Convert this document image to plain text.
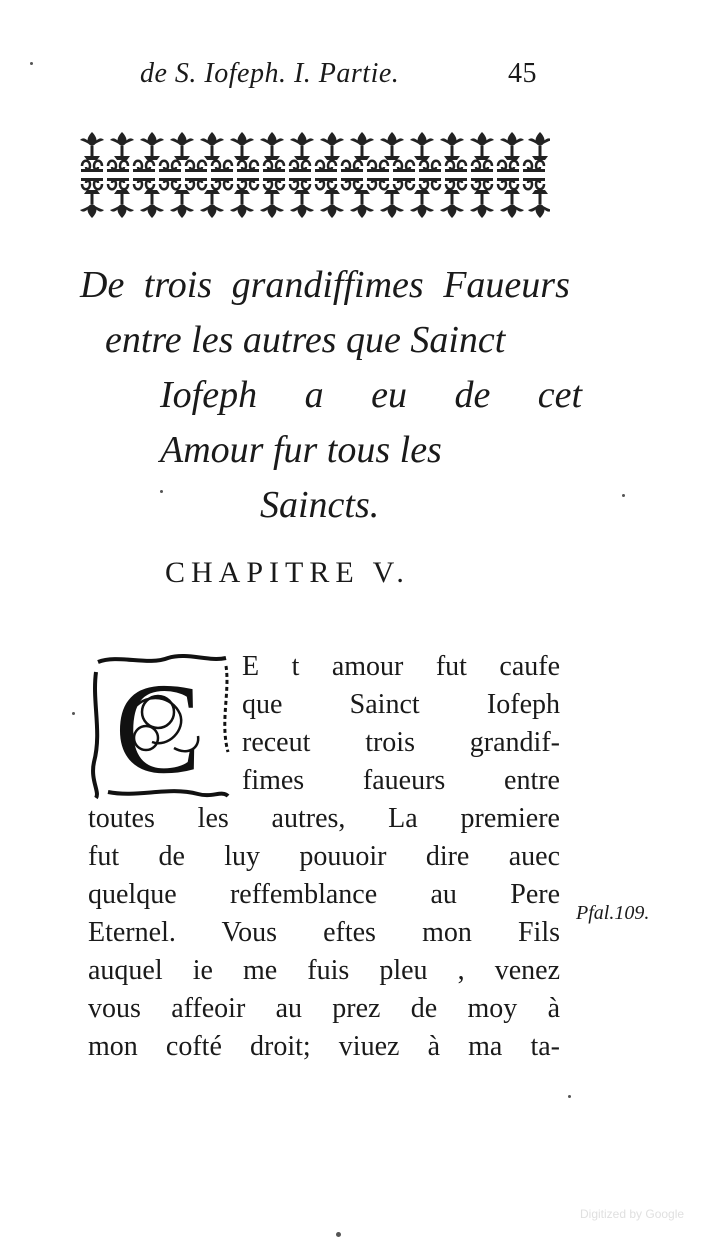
de S. Iofeph. I. Partie.	45
De trois grandiffimes Faueurs
entre les autres que Sainct
Iofeph a eu de cet
Amour fur tous les
Saincts.
CHAPITRE V.
C	E t amour fut caufe
que Sainct Iofeph
receut trois grandif-
fimes faueurs entre
toutes les autres, La premiere
fut de luy pouuoir dire auec
quelque reffemblance au Pere
Eternel. Vous eftes mon Fils
auquel ie me fuis pleu , venez
vous affeoir au prez de moy à
mon cofté droit; viuez à ma ta-
Pfal.109.
Digitized by Google
